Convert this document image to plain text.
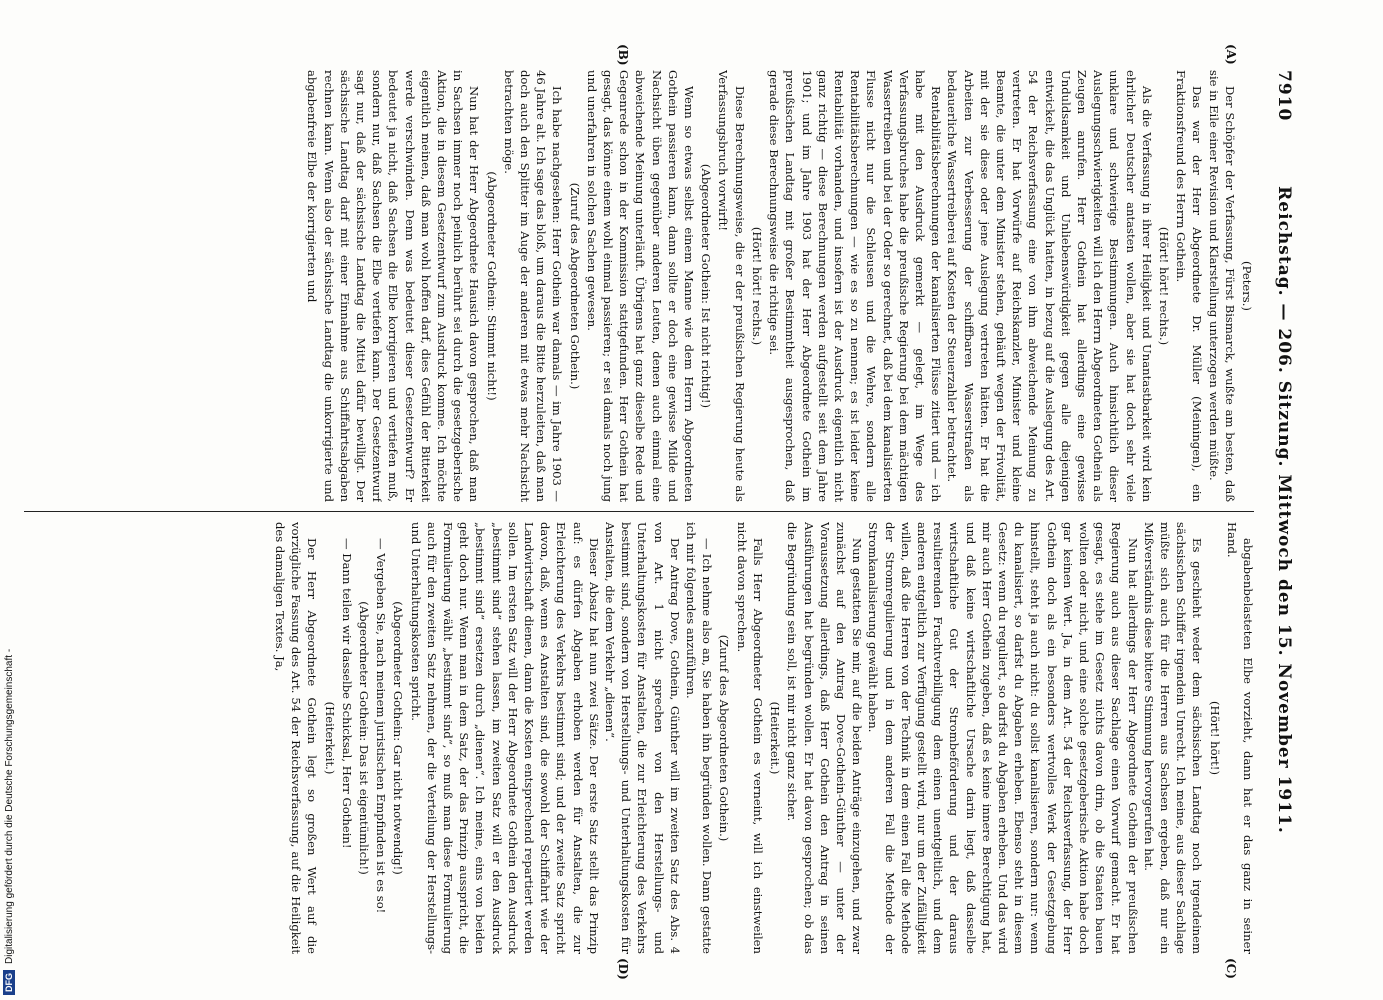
7910
Reichstag. — 206. Sitzung. Mittwoch den 15. November 1911.

(Peters.)

Der Schöpfer der Verfassung, Fürst Bismarck, wußte am besten, daß sie in Eile einer Revision und Klarstellung unterzogen werden müßte.

Das war der Herr Abgeordnete Dr. Müller (Meiningen), ein Fraktionsfreund des Herrn Gothein.

(Hört! hört! rechts.)

Als die Verfassung in ihrer Heiligkeit und Unantastbarkeit wird kein ehrlicher Deutscher antasten wollen, aber sie hat doch sehr viele unklare und schwierige Bestimmungen. Auch hinsichtlich dieser Auslegungsschwierigkeiten will ich den Herrn Abgeordneten Gothein als Zeugen anrufen. Herr Gothein hat allerdings eine gewisse Unduldsamkeit und Unliebenswürdigkeit gegen alle diejenigen entwickelt, die das Unglück hatten, in bezug auf die Auslegung des Art. 54 der Reichsverfassung eine von ihm abweichende Meinung zu vertreten. Er hat Vorwürfe auf Reichskanzler, Minister und kleine Beamte, die unter dem Minister stehen, gehäuft wegen der Frivolität, mit der sie diese oder jene Auslegung vertreten hätten. Er hat die Arbeiten zur Verbesserung der schiffbaren Wasserstraßen als bedauerliche Wassertreiberei auf Kosten der Steuerzahler betrachtet.

Rentabilitätsberechnungen der kanalisierten Flüsse zitiert und — ich habe mit den Ausdruck gemerkt — gelegt, im Wege des Verfassungsbruches habe die preußische Regierung bei dem mächtigen Wassertreiben und bei der Oder so gerechnet, daß bei dem kanalisierten Flusse nicht nur die Schleusen und die Wehre, sondern alle Rentabilitätsberechnungen — wie es so zu nennen; es ist leider keine Rentabilität vorhanden, und insofern ist der Ausdruck eigentlich nicht ganz richtig — diese Berechnungen werden aufgestellt seit dem Jahre 1901; und im Jahre 1903 hat der Herr Abgeordnete Gothein im preußischen Landtag mit großer Bestimmtheit ausgesprochen, daß gerade diese Berechnungsweise die richtige sei.

(Hört! hört! rechts.)

Diese Berechnungsweise, die er der preußischen Regierung heute als Verfassungsbruch vorwirft!

(Abgeordneter Gothein: Ist nicht richtig!)

Wenn so etwas selbst einem Manne wie dem Herrn Abgeordneten Gothein passieren kann, dann sollte er doch eine gewisse Milde und Nachsicht üben gegenüber anderen Leuten, denen auch einmal eine abweichende Meinung unterläuft. Übrigens hat ganz dieselbe Rede und Gegenrede schon in der Kommission stattgefunden. Herr Gothein hat gesagt, das könne einem wohl einmal passieren; er sei damals noch jung und unerfahren in solchen Sachen gewesen.

(Zuruf des Abgeordneten Gothein.)

Ich habe nachgesehen: Herr Gothein war damals — im Jahre 1903 — 46 Jahre alt. Ich sage das bloß, um daraus die Bitte herzuleiten, daß man doch auch den Splitter im Auge der anderen mit etwas mehr Nachsicht betrachten möge.

(Abgeordneter Gothein: Stimmt nicht!)

Nun hat der Herr Abgeordnete Hausich davon gesprochen, daß man in Sachsen immer noch peinlich berührt sei durch die gesetzgeberische Aktion, die in diesem Gesetzentwurf zum Ausdruck komme. Ich möchte eigentlich meinen, daß man wohl hoffen darf, dies Gefühl der Bitterkeit werde verschwinden. Denn was bedeutet dieser Gesetzentwurf? Er bedeutet ja nicht, daß Sachsen die Elbe korrigieren und vertiefen muß, sondern nur, daß Sachsen die Elbe vertiefen kann. Der Gesetzentwurf sagt nur, daß der sächsische Landtag die Mittel dafür bewilligt. Der sächsische Landtag darf mit einer Einnahme aus Schiffahrtsabgaben rechnen kann. Wenn also der sächsische Landtag die unkorrigierte und abgabenfreie Elbe der korrigierten und

abgabenbelasteten Elbe vorzieht, dann hat er das ganz in seiner Hand.

(Hört! hört!)

Es geschieht weder dem sächsischen Landtag noch irgendeinem sächsischen Schiffer irgendein Unrecht. Ich meine, aus dieser Sachlage müßte sich auch für die Herren aus Sachsen ergeben, daß nur ein Mißverständnis diese bittere Stimmung hervorgerufen hat.

Nun hat allerdings der Herr Abgeordnete Gothein der preußischen Regierung auch aus dieser Sachlage einen Vorwurf gemacht. Er hat gesagt, es stehe im Gesetz nichts davon drin, ob die Staaten bauen wollten oder nicht, und eine solche gesetzgeberische Aktion habe doch gar keinen Wert. Ja, in dem Art. 54 der Reichsverfassung, der Herr Gothein doch als ein besonders wertvolles Werk der Gesetzgebung hinstellt, steht ja auch nicht: du sollst kanalisieren, sondern nur: wenn du kanalisiert, so darfst du Abgaben erheben. Ebenso steht in diesem Gesetz: wenn du reguliert, so darfst du Abgaben erheben. Und das wird mir auch Herr Gothein zugeben, daß es keine innere Berechtigung hat, und daß keine wirtschaftliche Ursache darin liegt, daß dasselbe wirtschaftliche Gut der Strombeförderung und der daraus resultierenden Frachtverbilligung dem einen unentgeltlich, und dem anderen entgeltlich zur Verfügung gestellt wird, nur um der Zufälligkeit willen, daß die Herren von der Technik in dem einen Fall die Methode der Stromregulierung und in dem anderen Fall die Methode der Stromkanalisierung gewählt haben.

Nun gestatten Sie mir, auf die beiden Anträge einzugehen, und zwar zunächst auf den Antrag Dove-Gothein-Günther — unter der Voraussetzung allerdings, daß Herr Gothein den Antrag in seinen Ausführungen hat begründen wollen. Er hat davon gesprochen; ob das die Begründung sein soll, ist mir nicht ganz sicher.

(Heiterkeit.)

Falls Herr Abgeordneter Gothein es verneint, will ich einstweilen nicht davon sprechen.

(Zuruf des Abgeordneten Gothein.)

— Ich nehme also an, Sie haben ihn begründen wollen. Dann gestatte ich mir folgendes anzuführen.

Der Antrag Dove, Gothein, Günther will im zweiten Satz des Abs. 4 von Art. 1 nicht sprechen von den Herstellungs- und Unterhaltungskosten für Anstalten, die zur Erleichterung des Verkehrs bestimmt sind, sondern von Herstellungs- und Unterhaltungskosten für Anstalten, die dem Verkehr „dienen“.

Dieser Absatz hat nun zwei Sätze. Der erste Satz stellt das Prinzip auf: es dürfen Abgaben erhoben werden für Anstalten, die zur Erleichterung des Verkehrs bestimmt sind; und der zweite Satz spricht davon, daß, wenn es Anstalten sind, die sowohl der Schiffahrt wie der Landwirtschaft dienen, dann die Kosten entsprechend repartiert werden sollen. Im ersten Satz will der Herr Abgeordnete Gothein den Ausdruck „bestimmt sind“ stehen lassen, im zweiten Satz will er den Ausdruck „bestimmt sind“ ersetzen durch „dienen“. Ich meine, eins von beiden geht doch nur. Wenn man in dem Satz, der das Prinzip ausspricht, die Formulierung wählt „bestimmt sind“, so muß man diese Formulierung auch für den zweiten Satz nehmen, der die Verteilung der Herstellungs- und Unterhaltungskosten spricht.

(Abgeordneter Gothein: Gar nicht notwendig!)

— Vergeben Sie, nach meinem juristischen Empfinden ist es so!

(Abgeordneter Gothein: Das ist eigentümlich!)

— Dann teilen wir dasselbe Schicksal, Herr Gothein!

(Heiterkeit.)

Der Herr Abgeordnete Gothein legt so großen Wert auf die vorzügliche Fassung des Art. 54 der Reichsverfassung, auf die Heiligkeit des damaligen Textes. Ja,

(A)
(B)
(C)
(D)
DFG
Digitalisierung gefördert durch die Deutsche Forschungsgemeinschaft -
